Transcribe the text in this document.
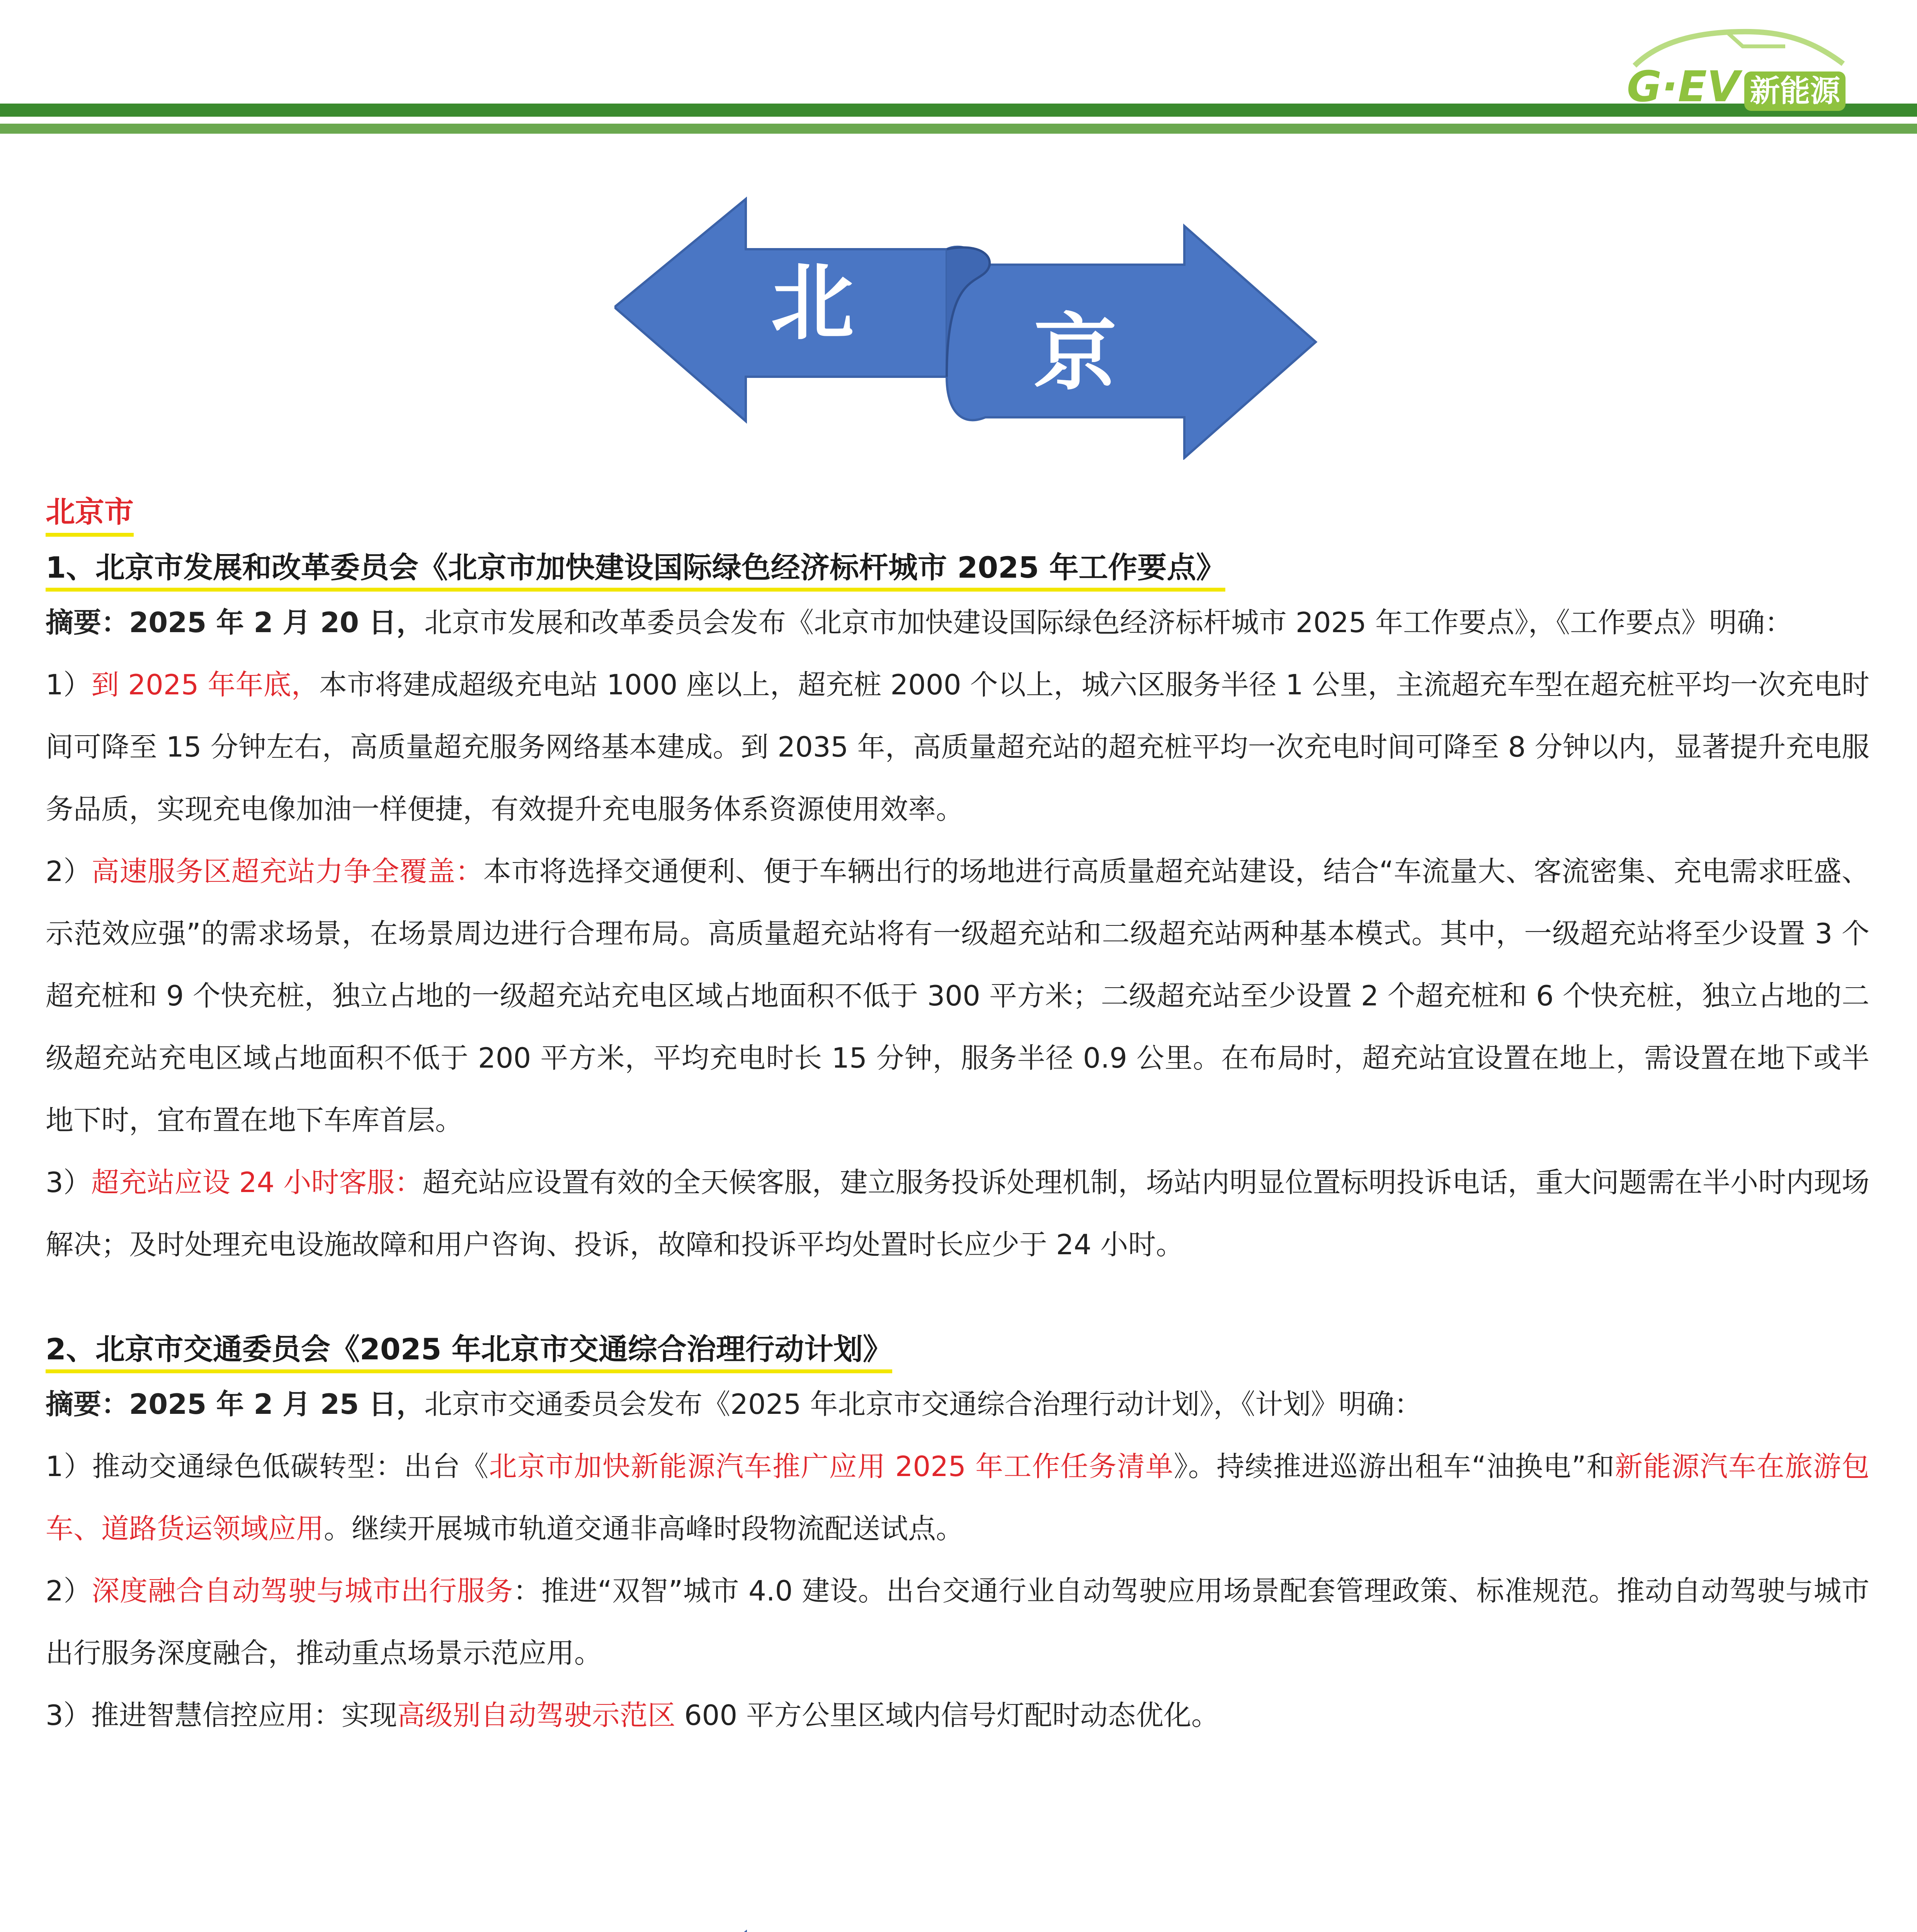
G·EV 新能源
北
京
北京市
1、北京市发展和改革委员会《北京市加快建设国际绿色经济标杆城市 2025 年工作要点》

摘要：2025 年 2 月 20 日，北京市发展和改革委员会发布《北京市加快建设国际绿色经济标杆城市 2025 年工作要点》，《工作要点》明确：

1）到 2025 年年底，本市将建成超级充电站 1000 座以上，超充桩 2000 个以上，城六区服务半径 1 公里，主流超充车型在超充桩平均一次充电时间可降至 15 分钟左右，高质量超充服务网络基本建成。到 2035 年，高质量超充站的超充桩平均一次充电时间可降至 8 分钟以内，显著提升充电服务品质，实现充电像加油一样便捷，有效提升充电服务体系资源使用效率。

2）高速服务区超充站力争全覆盖：本市将选择交通便利、便于车辆出行的场地进行高质量超充站建设，结合“车流量大、客流密集、充电需求旺盛、示范效应强”的需求场景，在场景周边进行合理布局。高质量超充站将有一级超充站和二级超充站两种基本模式。其中，一级超充站将至少设置 3 个超充桩和 9 个快充桩，独立占地的一级超充站充电区域占地面积不低于 300 平方米；二级超充站至少设置 2 个超充桩和 6 个快充桩，独立占地的二级超充站充电区域占地面积不低于 200 平方米，平均充电时长 15 分钟，服务半径 0.9 公里。在布局时，超充站宜设置在地上，需设置在地下或半地下时，宜布置在地下车库首层。

3）超充站应设 24 小时客服：超充站应设置有效的全天候客服，建立服务投诉处理机制，场站内明显位置标明投诉电话，重大问题需在半小时内现场解决；及时处理充电设施故障和用户咨询、投诉，故障和投诉平均处置时长应少于 24 小时。

2、北京市交通委员会《2025 年北京市交通综合治理行动计划》

摘要：2025 年 2 月 25 日，北京市交通委员会发布《2025 年北京市交通综合治理行动计划》，《计划》明确：

1）推动交通绿色低碳转型：出台《北京市加快新能源汽车推广应用 2025 年工作任务清单》。持续推进巡游出租车“油换电”和新能源汽车在旅游包车、道路货运领域应用。继续开展城市轨道交通非高峰时段物流配送试点。

2）深度融合自动驾驶与城市出行服务：推进“双智”城市 4.0 建设。出台交通行业自动驾驶应用场景配套管理政策、标准规范。推动自动驾驶与城市出行服务深度融合，推动重点场景示范应用。

3）推进智慧信控应用：实现高级别自动驾驶示范区 600 平方公里区域内信号灯配时动态优化。
